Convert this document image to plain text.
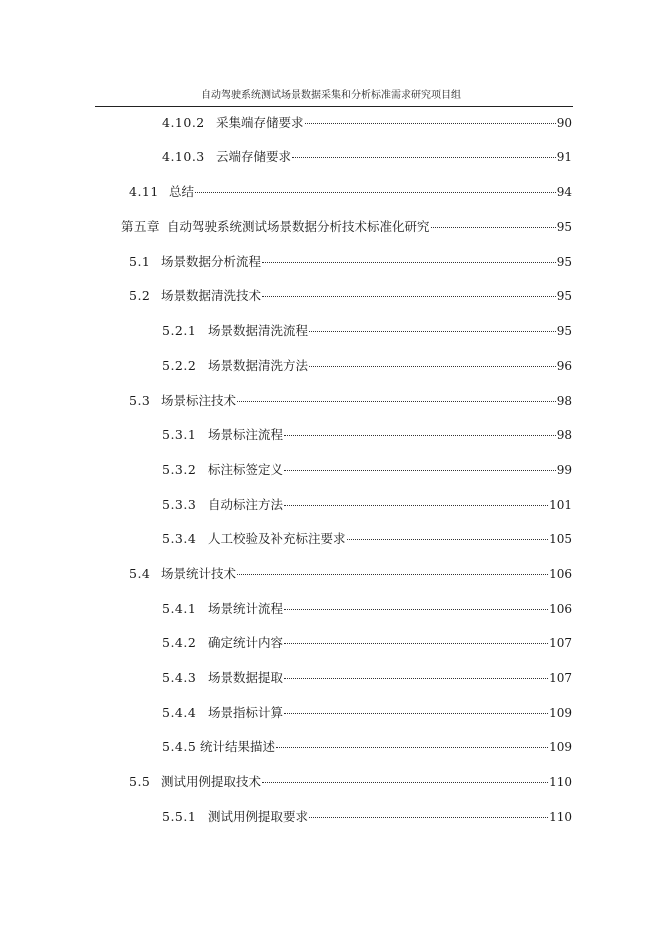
自动驾驶系统测试场景数据采集和分析标准需求研究项目组
4.10.2 采集端存储要求	90
4.10.3 云端存储要求	91
4.11 总结	94
第五章 自动驾驶系统测试场景数据分析技术标准化研究	95
5.1 场景数据分析流程	95
5.2 场景数据清洗技术	95
5.2.1 场景数据清洗流程	95
5.2.2 场景数据清洗方法	96
5.3 场景标注技术	98
5.3.1 场景标注流程	98
5.3.2 标注标签定义	99
5.3.3 自动标注方法	101
5.3.4 人工校验及补充标注要求	105
5.4 场景统计技术	106
5.4.1 场景统计流程	106
5.4.2 确定统计内容	107
5.4.3 场景数据提取	107
5.4.4 场景指标计算	109
5.4.5 统计结果描述	109
5.5 测试用例提取技术	110
5.5.1 测试用例提取要求	110
